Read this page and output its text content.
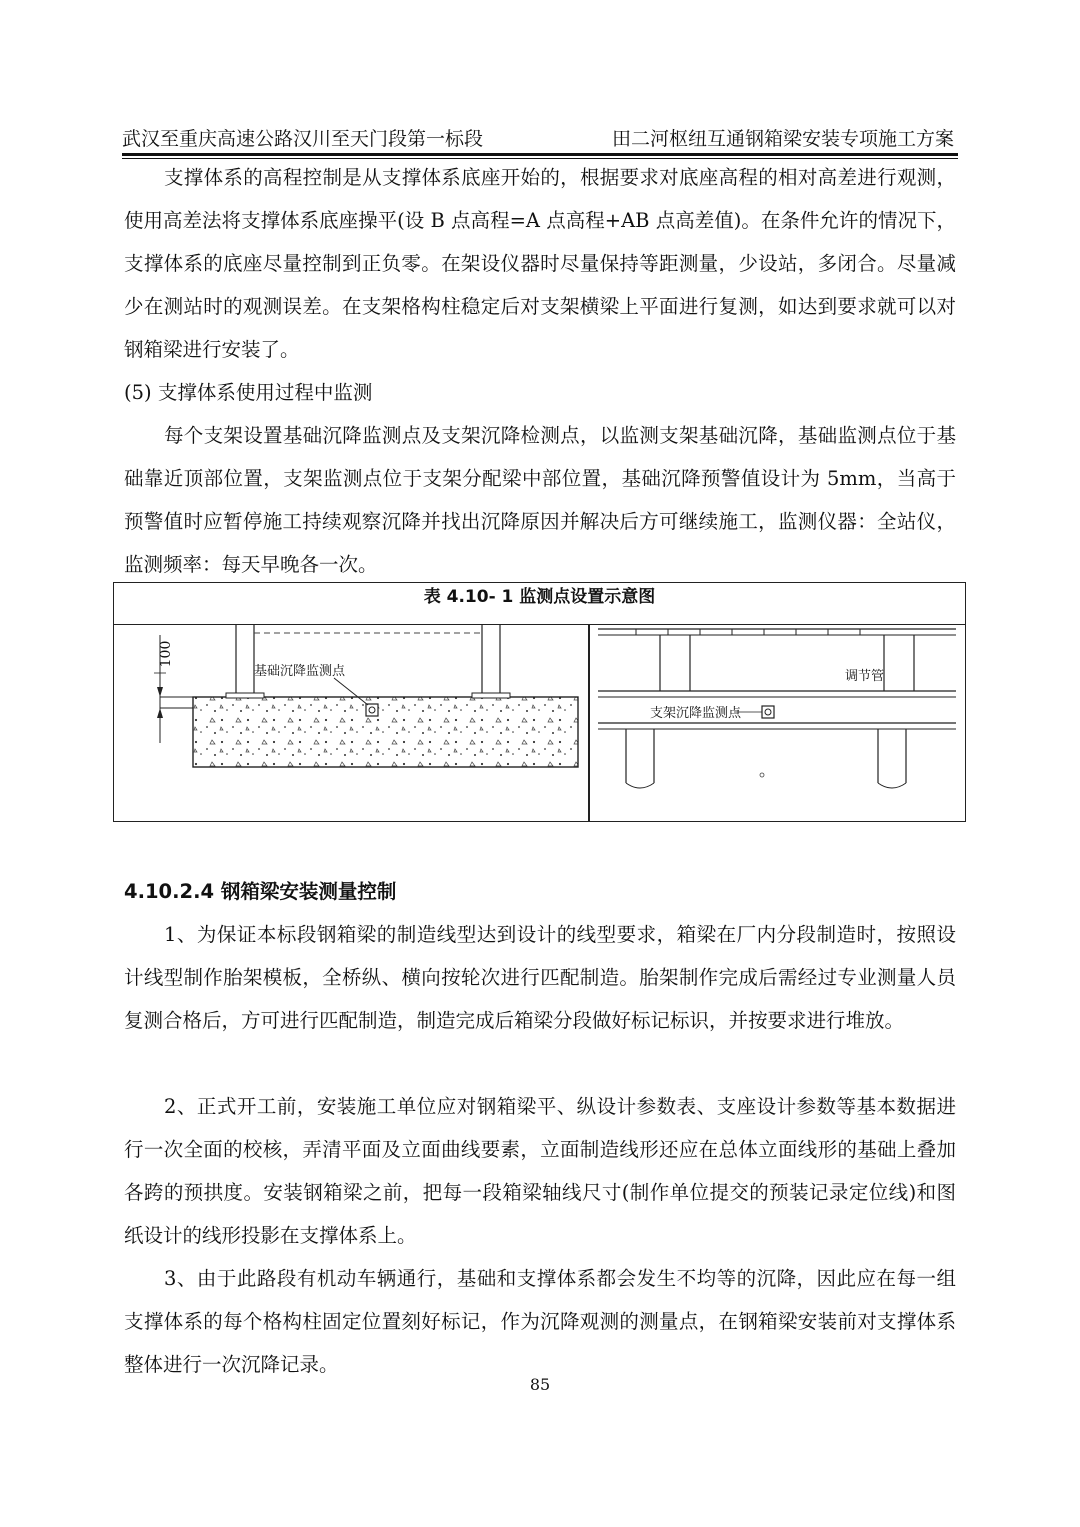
武汉至重庆高速公路汉川至天门段第一标段	田二河枢纽互通钢箱梁安装专项施工方案

支撑体系的高程控制是从支撑体系底座开始的，根据要求对底座高程的相对高差进行观测，使用高差法将支撑体系底座操平(设 B 点高程=A 点高程+AB 点高差值)。在条件允许的情况下，支撑体系的底座尽量控制到正负零。在架设仪器时尽量保持等距测量，少设站，多闭合。尽量减少在测站时的观测误差。在支架格构柱稳定后对支架横梁上平面进行复测，如达到要求就可以对钢箱梁进行安装了。

(5) 支撑体系使用过程中监测

每个支架设置基础沉降监测点及支架沉降检测点，以监测支架基础沉降，基础监测点位于基础靠近顶部位置，支架监测点位于支架分配梁中部位置，基础沉降预警值设计为 5mm，当高于预警值时应暂停施工持续观察沉降并找出沉降原因并解决后方可继续施工，监测仪器：全站仪，监测频率：每天早晚各一次。

表 4.10- 1 监测点设置示意图
100
基础沉降监测点	调节管
支架沉降监测点

4.10.2.4 钢箱梁安装测量控制

1、为保证本标段钢箱梁的制造线型达到设计的线型要求，箱梁在厂内分段制造时，按照设计线型制作胎架模板，全桥纵、横向按轮次进行匹配制造。胎架制作完成后需经过专业测量人员复测合格后，方可进行匹配制造，制造完成后箱梁分段做好标记标识，并按要求进行堆放。

2、正式开工前，安装施工单位应对钢箱梁平、纵设计参数表、支座设计参数等基本数据进行一次全面的校核，弄清平面及立面曲线要素，立面制造线形还应在总体立面线形的基础上叠加各跨的预拱度。安装钢箱梁之前，把每一段箱梁轴线尺寸(制作单位提交的预装记录定位线)和图纸设计的线形投影在支撑体系上。

3、由于此路段有机动车辆通行，基础和支撑体系都会发生不均等的沉降，因此应在每一组支撑体系的每个格构柱固定位置刻好标记，作为沉降观测的测量点，在钢箱梁安装前对支撑体系整体进行一次沉降记录。

85
